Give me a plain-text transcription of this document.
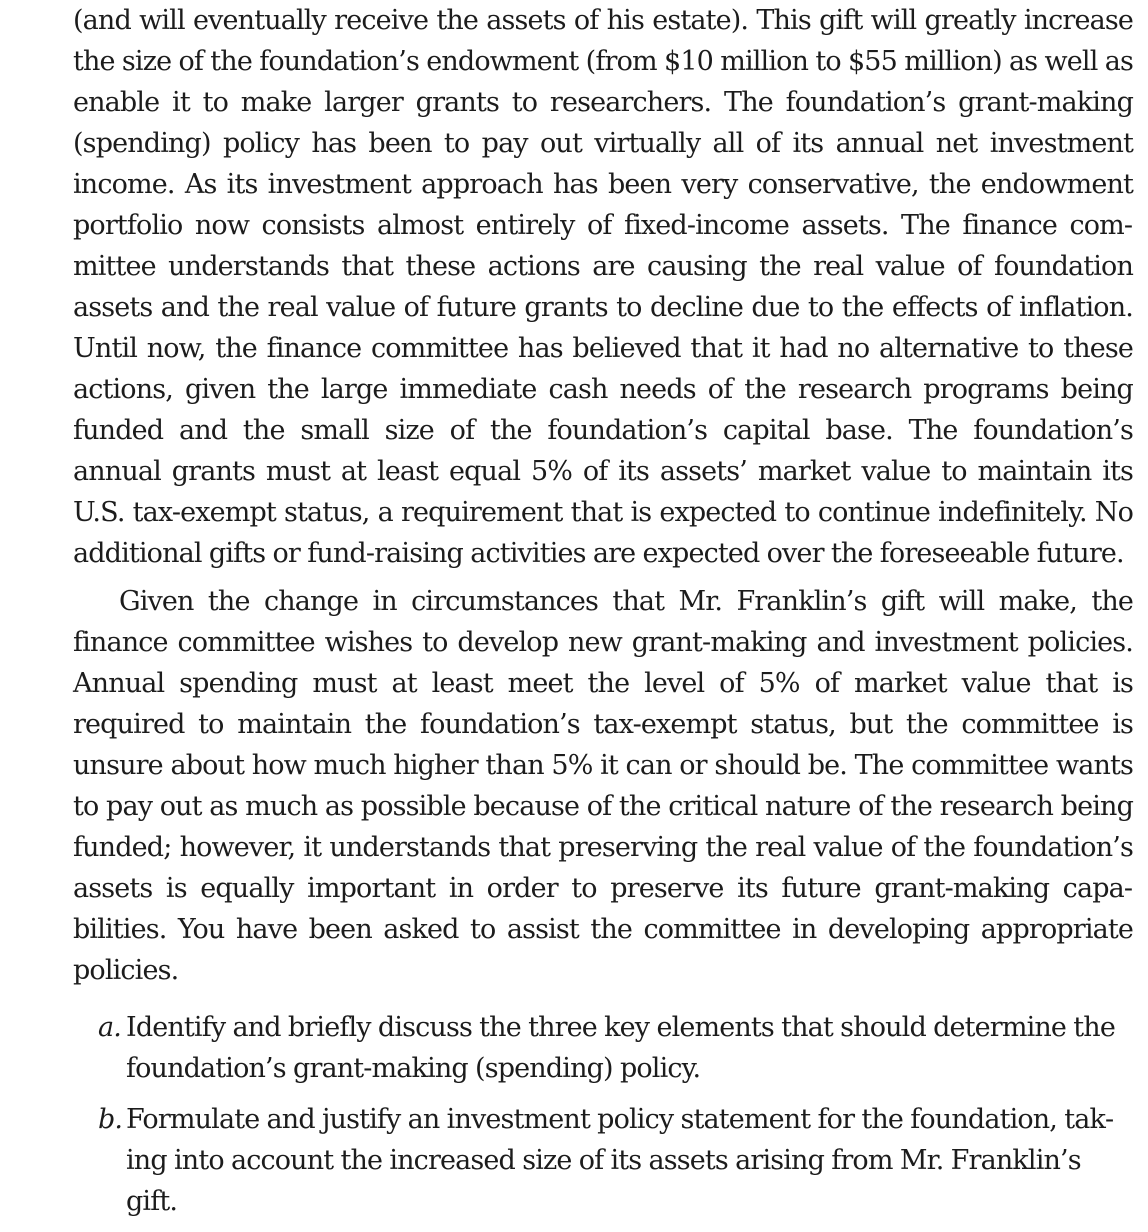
(and will eventually receive the assets of his estate). This gift will greatly increase the size of the foundation’s endowment (from $10 million to $55 million) as well as enable it to make larger grants to researchers. The foundation’s grant-making (spending) policy has been to pay out virtually all of its annual net investment income. As its investment approach has been very conservative, the endowment portfolio now consists almost entirely of fixed-income assets. The finance committee understands that these actions are causing the real value of foundation assets and the real value of future grants to decline due to the effects of inflation. Until now, the finance committee has believed that it had no alternative to these actions, given the large immediate cash needs of the research programs being funded and the small size of the foundation’s capital base. The foundation’s annual grants must at least equal 5% of its assets’ market value to maintain its U.S. tax-exempt status, a requirement that is expected to continue indefinitely. No additional gifts or fund-raising activities are expected over the foreseeable future.

Given the change in circumstances that Mr. Franklin’s gift will make, the finance committee wishes to develop new grant-making and investment policies. Annual spending must at least meet the level of 5% of market value that is required to maintain the foundation’s tax-exempt status, but the committee is unsure about how much higher than 5% it can or should be. The committee wants to pay out as much as possible because of the critical nature of the research being funded; however, it understands that preserving the real value of the foundation’s assets is equally important in order to preserve its future grant-making capabilities. You have been asked to assist the committee in developing appropriate policies.

a. Identify and briefly discuss the three key elements that should determine the foundation’s grant-making (spending) policy.
b. Formulate and justify an investment policy statement for the foundation, taking into account the increased size of its assets arising from Mr. Franklin’s gift.
